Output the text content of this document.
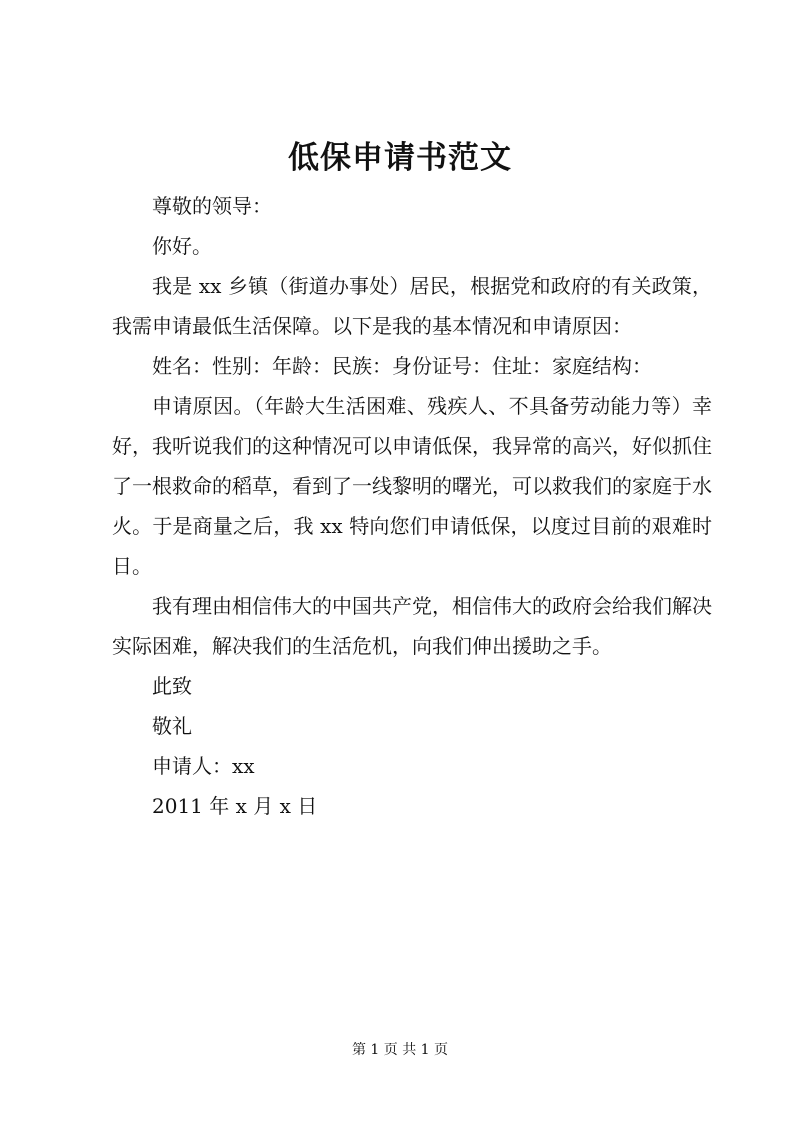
低保申请书范文

尊敬的领导：

你好。

我是 xx 乡镇（街道办事处）居民，根据党和政府的有关政策，我需申请最低生活保障。以下是我的基本情况和申请原因：

姓名：性别：年龄：民族：身份证号：住址：家庭结构：

申请原因。（年龄大生活困难、残疾人、不具备劳动能力等）幸好，我听说我们的这种情况可以申请低保，我异常的高兴，好似抓住了一根救命的稻草，看到了一线黎明的曙光，可以救我们的家庭于水火。于是商量之后，我 xx 特向您们申请低保，以度过目前的艰难时日。

我有理由相信伟大的中国共产党，相信伟大的政府会给我们解决实际困难，解决我们的生活危机，向我们伸出援助之手。

此致

敬礼

申请人：xx

2011 年 x 月 x 日

第 1 页 共 1 页
